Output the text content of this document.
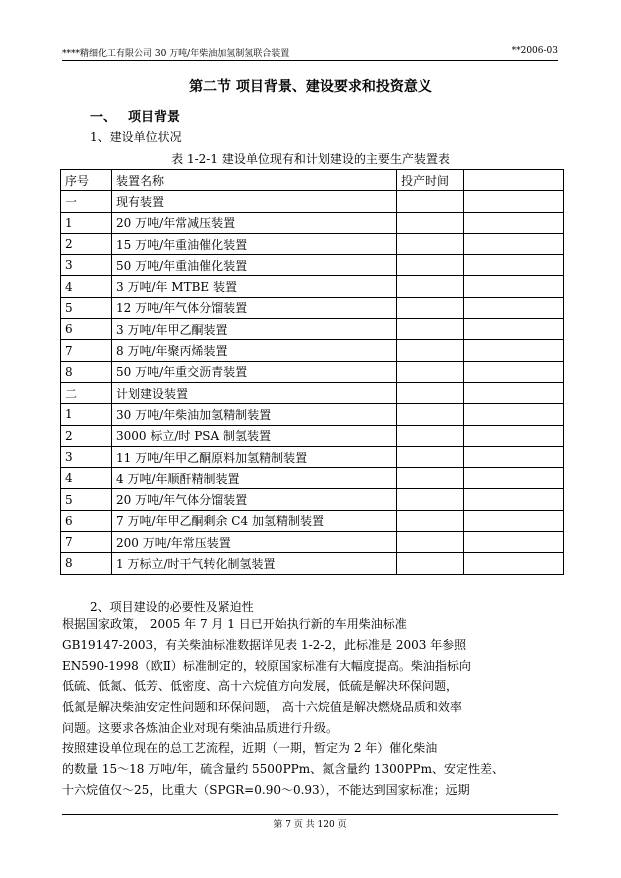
****精细化工有限公司 30 万吨/年柴油加氢制氢联合装置	**2006-03
第二节 项目背景、建设要求和投资意义
一、 项目背景
1、建设单位状况
表 1-2-1 建设单位现有和计划建设的主要生产装置表
序号	装置名称	投产时间	
一	现有装置		
1	20 万吨/年常减压装置		
2	15 万吨/年重油催化装置		
3	50 万吨/年重油催化装置		
4	3 万吨/年 MTBE 装置		
5	12 万吨/年气体分馏装置		
6	3 万吨/年甲乙酮装置		
7	8 万吨/年聚丙烯装置		
8	50 万吨/年重交沥青装置		
二	计划建设装置		
1	30 万吨/年柴油加氢精制装置		
2	3000 标立/时 PSA 制氢装置		
3	11 万吨/年甲乙酮原料加氢精制装置		
4	4 万吨/年顺酐精制装置		
5	20 万吨/年气体分馏装置		
6	7 万吨/年甲乙酮剩余 C4 加氢精制装置		
7	200 万吨/年常压装置		
8	1 万标立/时干气转化制氢装置		
2、项目建设的必要性及紧迫性
根据国家政策， 2005 年 7 月 1 日已开始执行新的车用柴油标准
GB19147-2003，有关柴油标准数据详见表 1-2-2，此标准是 2003 年参照
EN590-1998（欧Ⅱ）标准制定的，较原国家标准有大幅度提高。柴油指标向
低硫、低氮、低芳、低密度、高十六烷值方向发展，低硫是解决环保问题，
低氮是解决柴油安定性问题和环保问题， 高十六烷值是解决燃烧品质和效率
问题。这要求各炼油企业对现有柴油品质进行升级。
按照建设单位现在的总工艺流程，近期（一期，暂定为 2 年）催化柴油
的数量 15～18 万吨/年，硫含量约 5500PPm、氮含量约 1300PPm、安定性差、
十六烷值仅～25，比重大（SPGR=0.90～0.93），不能达到国家标准；远期
第 7 页 共 120 页
